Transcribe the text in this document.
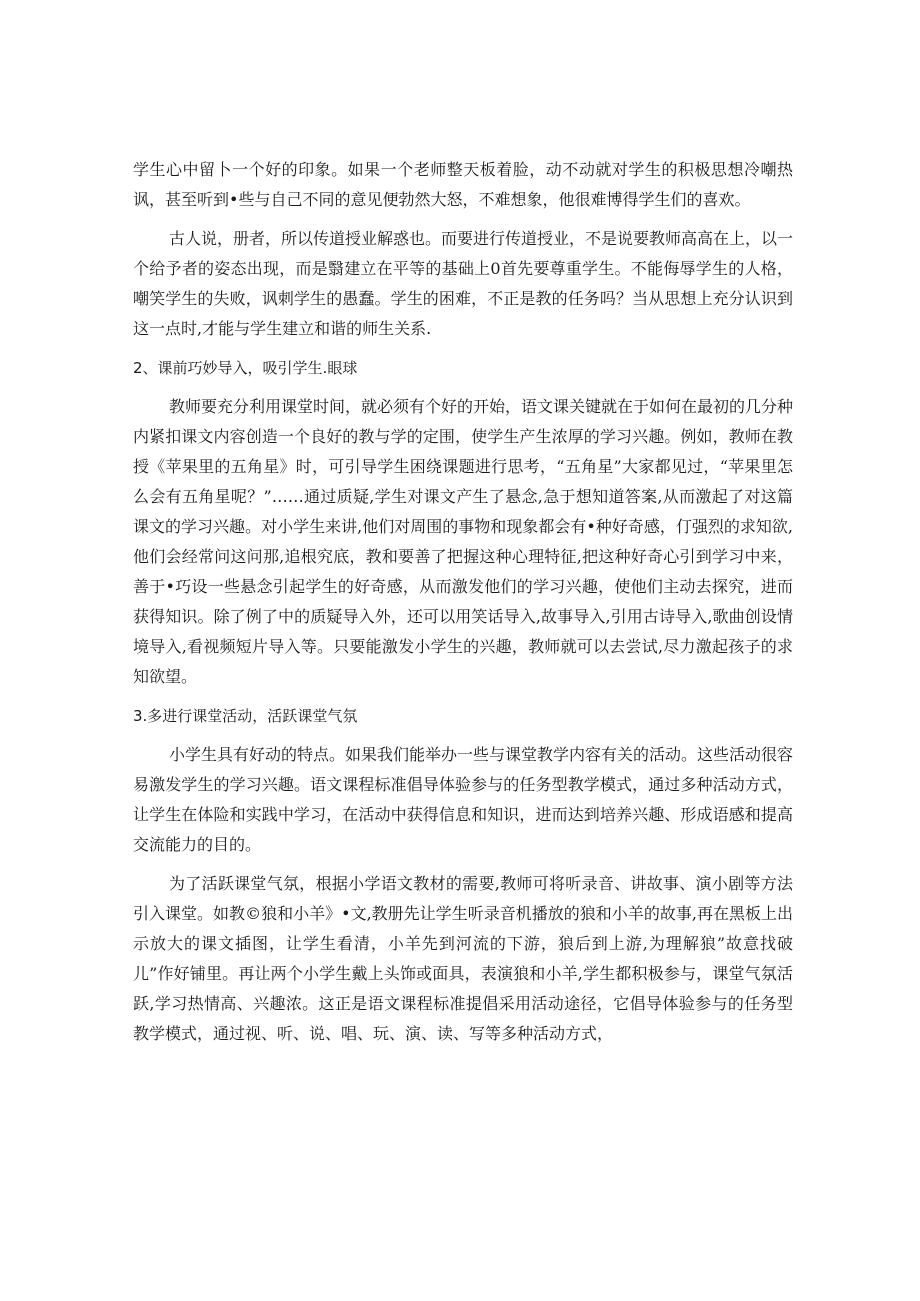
学生心中留卜一个好的印象。如果一个老师整天板着脸，动不动就对学生的积极思想冷嘲热讽，甚至听到•些与自己不同的意见便勃然大怒，不难想象，他很难博得学生们的喜欢。

古人说，册者，所以传道授业解惑也。而要进行传道授业，不是说要教师高高在上，以一个给予者的姿态出现，而是翳建立在平等的基础上0首先要尊重学生。不能侮辱学生的人格，嘲笑学生的失败，讽刺学生的愚蠢。学生的困难，不正是教的任务吗？当从思想上充分认识到这一点时,才能与学生建立和谐的师生关系.

2、课前巧妙导入，吸引学生.眼球

教师要充分利用课堂时间，就必须有个好的开始，语文课关键就在于如何在最初的几分种内紧扣课文内容创造一个良好的教与学的定围，使学生产生浓厚的学习兴趣。例如，教师在教授《苹果里的五角星》时，可引导学生困绕课题进行思考，“五角星”大家都见过，“苹果里怎么会有五角星呢？”……通过质疑,学生对课文产生了悬念,急于想知道答案,从而激起了对这篇课文的学习兴趣。对小学生来讲,他们对周围的事物和现象都会有•种好奇感，仃强烈的求知欲,他们会经常问这问那,追根究底，教和要善了把握这种心理特征,把这种好奇心引到学习中来，善于•巧设一些悬念引起学生的好奇感，从而激发他们的学习兴趣，使他们主动去探究，进而获得知识。除了例了中的质疑导入外，还可以用笑话导入,故事导入,引用古诗导入,歌曲创设情境导入,看视频短片导入等。只要能激发小学生的兴趣，教师就可以去尝试,尽力激起孩子的求知欲望。

3.多进行课堂活动，活跃课堂气氛

小学生具有好动的特点。如果我们能举办一些与课堂教学内容有关的活动。这些活动很容易激发学生的学习兴趣。语文课程标准倡导体验参与的任务型教学模式，通过多种活动方式，让学生在体险和实践中学习，在活动中获得信息和知识，进而达到培养兴趣、形成语感和提高交流能力的目的。

为了活跃课堂气氛，根据小学语文教材的需要,教师可将听录音、讲故事、演小剧等方法引入课堂。如教©狼和小羊》•文,教册先让学生听录音机播放的狼和小羊的故事,再在黑板上出示放大的课文插图，让学生看清，小羊先到河流的下游，狼后到上游,为理解狼”故意找破儿”作好铺里。再让两个小学生戴上头饰或面具，表演狼和小羊,学生都积极参与，课堂气氛活跃,学习热情高、兴趣浓。这正是语文课程标准提倡采用活动途径，它倡导体验参与的任务型教学模式，通过视、听、说、唱、玩、演、读、写等多种活动方式，
